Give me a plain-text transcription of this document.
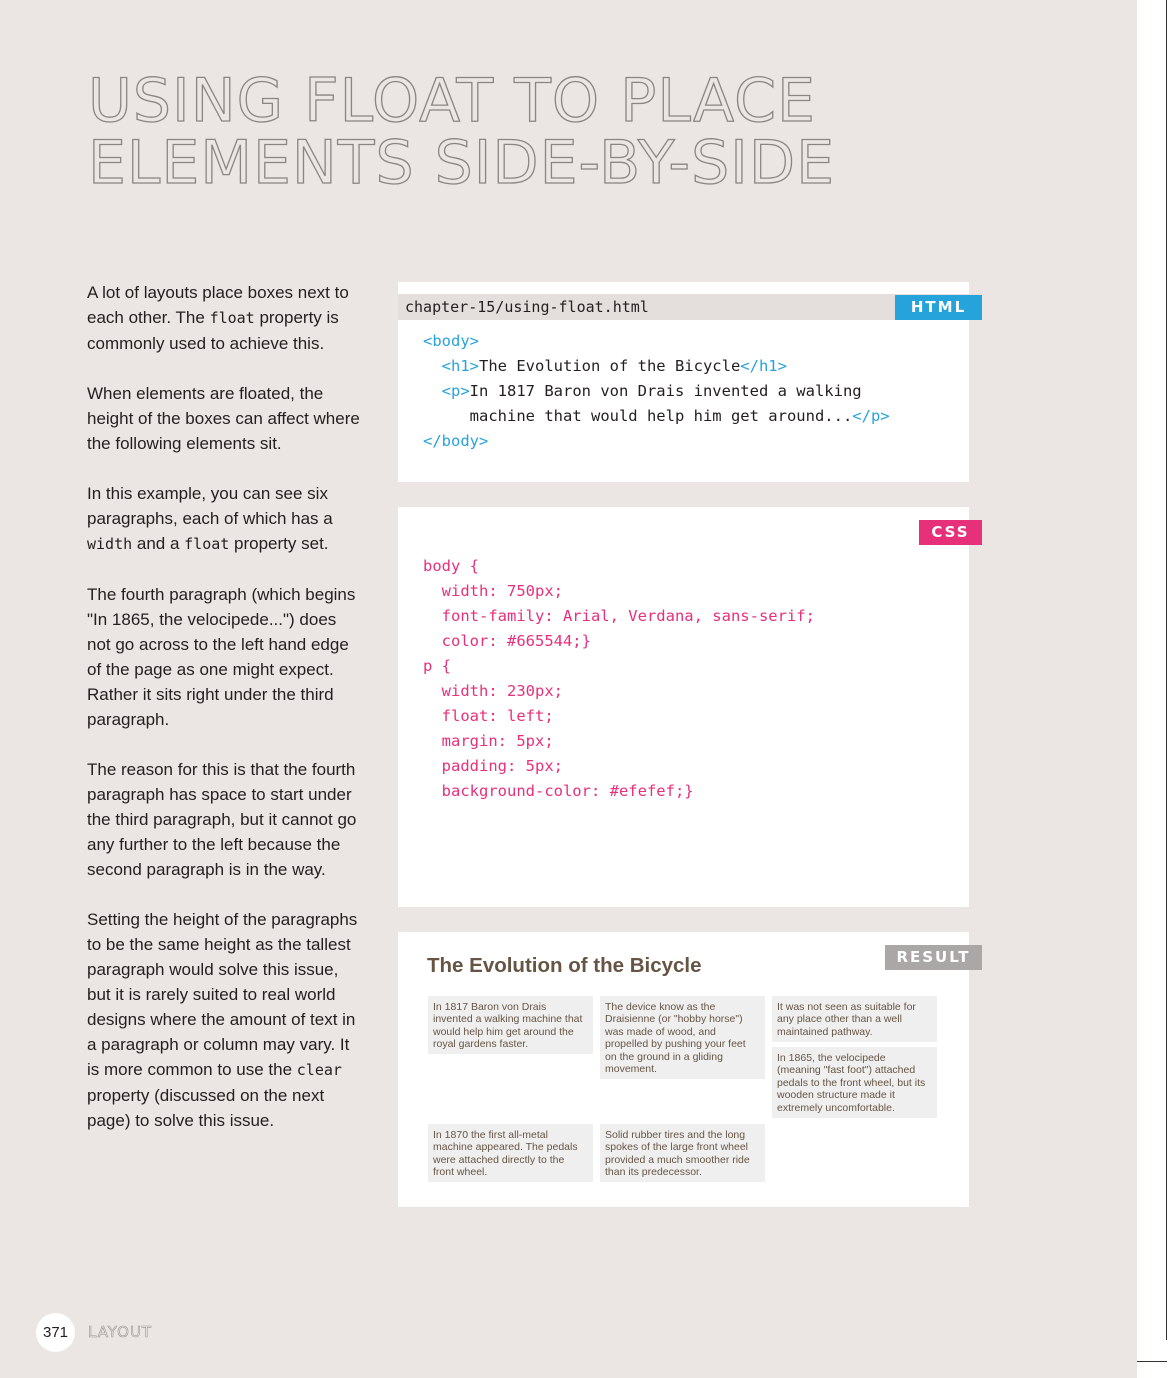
USING FLOAT TO PLACE
ELEMENTS SIDE-BY-SIDE

A lot of layouts place boxes next to each other. The float property is commonly used to achieve this.

When elements are floated, the height of the boxes can affect where the following elements sit.

In this example, you can see six paragraphs, each of which has a width and a float property set.

The fourth paragraph (which begins "In 1865, the velocipede...") does not go across to the left hand edge of the page as one might expect. Rather it sits right under the third paragraph.

The reason for this is that the fourth paragraph has space to start under the third paragraph, but it cannot go any further to the left because the second paragraph is in the way.

Setting the height of the paragraphs to be the same height as the tallest paragraph would solve this issue, but it is rarely suited to real world designs where the amount of text in a paragraph or column may vary. It is more common to use the clear property (discussed on the next page) to solve this issue.

chapter-15/using-float.html	HTML
<body>
<h1>The Evolution of the Bicycle</h1>
<p>In 1817 Baron von Drais invented a walking
machine that would help him get around...</p>
</body>
CSS
body {
width: 750px;
font-family: Arial, Verdana, sans-serif;
color: #665544;}
p {
width: 230px;
float: left;
margin: 5px;
padding: 5px;
background-color: #efefef;}
RESULT
The Evolution of the Bicycle
In 1817 Baron von Drais invented a walking machine that would help him get around the royal gardens faster.
The device know as the Draisienne (or "hobby horse") was made of wood, and propelled by pushing your feet on the ground in a gliding movement.
It was not seen as suitable for any place other than a well maintained pathway.
In 1865, the velocipede (meaning "fast foot") attached pedals to the front wheel, but its wooden structure made it extremely uncomfortable.
In 1870 the first all-metal machine appeared. The pedals were attached directly to the front wheel.
Solid rubber tires and the long spokes of the large front wheel provided a much smoother ride than its predecessor.
371	LAYOUT
